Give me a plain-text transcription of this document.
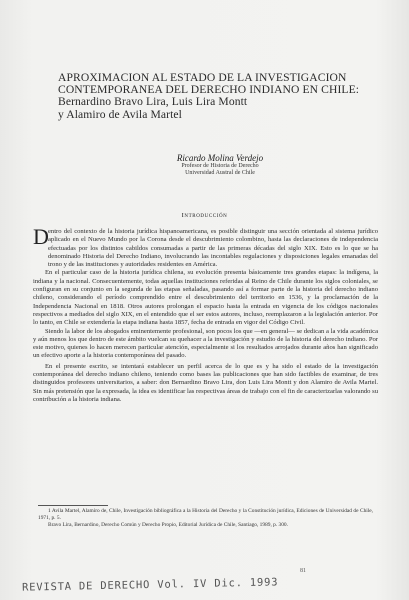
APROXIMACION AL ESTADO DE LA INVESTIGACION
CONTEMPORANEA DEL DERECHO INDIANO EN CHILE:
Bernardino Bravo Lira, Luis Lira Montt
y Alamiro de Avila Martel
Ricardo Molina Verdejo
Profesor de Historia de Derecho
Universidad Austral de Chile
Introducción
D entro del contexto de la historia jurídica hispanoamericana, es posible distinguir una sección orientada al sistema jurídico aplicado en el Nuevo Mundo por la Corona desde el descubrimiento colombino, hasta las declaraciones de independencia efectuadas por los distintos cabildos consumadas a partir de las primeras décadas del siglo XIX. Esto es lo que se ha denominado Historia del Derecho Indiano, involucrando las incontables regulaciones y disposiciones legales emanadas del trono y de las instituciones y autoridades residentes en América.

En el particular caso de la historia jurídica chilena, su evolución presenta básicamente tres grandes etapas: la indígena, la indiana y la nacional. Consecuentemente, todas aquellas instituciones referidas al Reino de Chile durante los siglos coloniales, se configuran en su conjunto en la segunda de las etapas señaladas, pasando así a formar parte de la historia del derecho indiano chileno, considerando el período comprendido entre el descubrimiento del territorio en 1536, y la proclamación de la Independencia Nacional en 1818. Otros autores prolongan el espacio hasta la entrada en vigencia de los códigos nacionales respectivos a mediados del siglo XIX, en el entendido que el ser estos autores, incluso, reemplazaron a la legislación anterior. Por lo tanto, en Chile se extendería la etapa indiana hasta 1857, fecha de entrada en vigor del Código Civil.

Siendo la labor de los abogados eminentemente profesional, son pocos los que —en general— se dedican a la vida académica y aún menos los que dentro de este ámbito vuelcan su quehacer a la investigación y estudio de la historia del derecho indiano. Por este motivo, quienes lo hacen merecen particular atención, especialmente si los resultados arrojados durante años han significado un efectivo aporte a la historia contemporánea del pasado.

En el presente escrito, se intentará establecer un perfil acerca de lo que es y ha sido el estado de la investigación contemporánea del derecho indiano chileno, teniendo como bases las publicaciones que han sido factibles de examinar, de tres distinguidos profesores universitarios, a saber: don Bernardino Bravo Lira, don Luis Lira Montt y don Alamiro de Avila Martel. Sin más pretensión que la expresada, la idea es identificar las respectivas áreas de trabajo con el fin de caracterizarlas valorando su contribución a la historia indiana.

1 Avila Martel, Alamiro de, Chile, Investigación bibliográfica a la Historia del Derecho y la Constitución jurídica, Ediciones de Universidad de Chile, 1971, p. 5.

Bravo Lira, Bernardino, Derecho Común y Derecho Propio, Editorial Jurídica de Chile, Santiago, 1989, p. 300.

81
REVISTA DE DERECHO Vol. IV Dic. 1993
